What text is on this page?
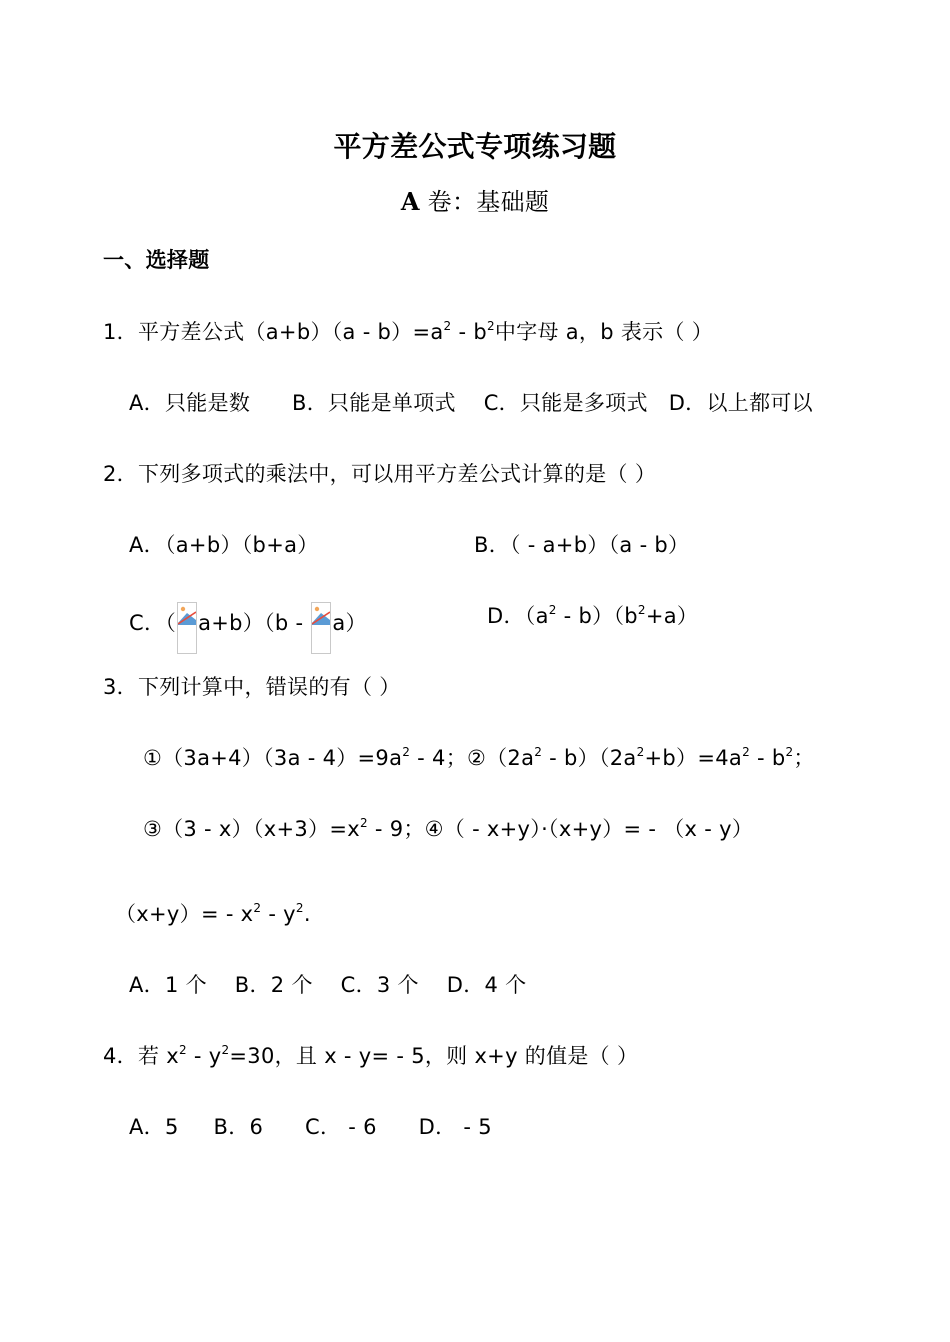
平方差公式专项练习题
A 卷：基础题
一、选择题
1．平方差公式$(a+b)(a - b)=a^2 - b^2$中字母 a，b 表示（ ）
A．只能是数      B．只能是单项式    C．只能是多项式   D．以上都可以
2．下列多项式的乘法中，可以用平方差公式计算的是（ ）
A．（a+b）（b+a）	B．（ - a+b）（a - b）
C．（ a+b）（b -
a）	D．$(a^2 - b)(b^2+a)$
3．下列计算中，错误的有（ ）
①（3a+4）（3a - $4)=9a^2 - 4$；$②(2a^2 - b)(2a^2+b)=4a^2 - b^2$；
③（3 - $x)(x+3)=x^2 - 9$；④（ - x+y）·（x+y）= - （x - y）
$(x+y)= - x^2 - y^2$.
A．1 个    B．2 个    C．3 个    D．4 个
4．若 $x^2 - y^2=30$，且 x - y= - 5，则 x+y 的值是（ ）
A．5     B．6      C． - 6      D． - 5
